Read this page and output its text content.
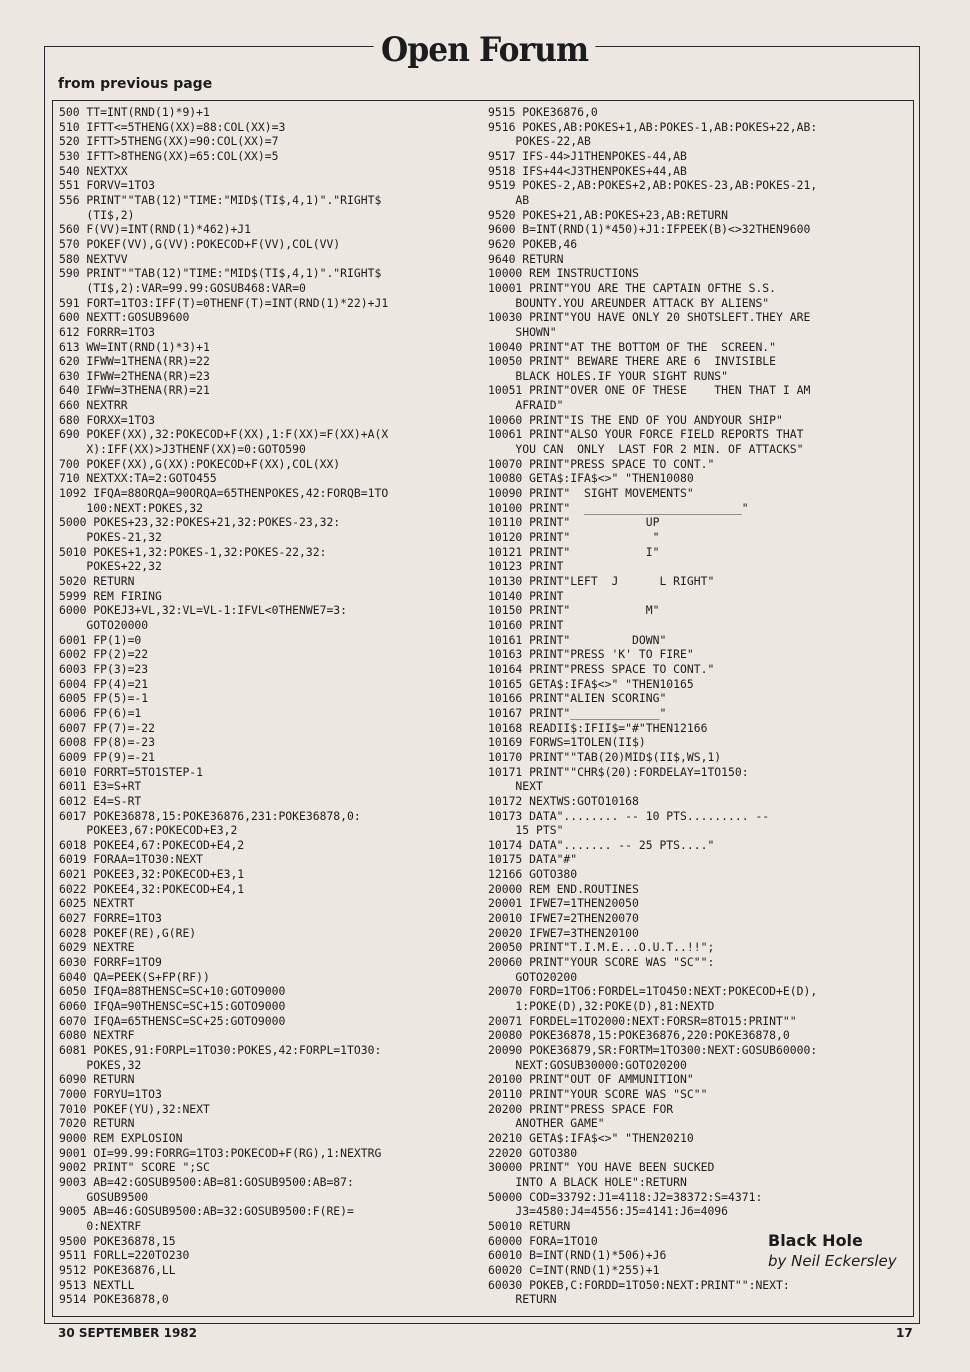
Open Forum
from previous page
500 TT=INT(RND(1)*9)+1
510 IFTT<=5THENG(XX)=88:COL(XX)=3
520 IFTT>5THENG(XX)=90:COL(XX)=7
530 IFTT>8THENG(XX)=65:COL(XX)=5
540 NEXTXX
551 FORVV=1TO3
556 PRINT""TAB(12)"TIME:"MID$(TI$,4,1)"."RIGHT$
(TI$,2)
560 F(VV)=INT(RND(1)*462)+J1
570 POKEF(VV),G(VV):POKECOD+F(VV),COL(VV)
580 NEXTVV
590 PRINT""TAB(12)"TIME:"MID$(TI$,4,1)"."RIGHT$
(TI$,2):VAR=99.99:GOSUB468:VAR=0
591 FORT=1TO3:IFF(T)=0THENF(T)=INT(RND(1)*22)+J1
600 NEXTT:GOSUB9600
612 FORRR=1TO3
613 WW=INT(RND(1)*3)+1
620 IFWW=1THENA(RR)=22
630 IFWW=2THENA(RR)=23
640 IFWW=3THENA(RR)=21
660 NEXTRR
680 FORXX=1TO3
690 POKEF(XX),32:POKECOD+F(XX),1:F(XX)=F(XX)+A(X
X):IFF(XX)>J3THENF(XX)=0:GOTO590
700 POKEF(XX),G(XX):POKECOD+F(XX),COL(XX)
710 NEXTXX:TA=2:GOTO455
1092 IFQA=88ORQA=90ORQA=65THENPOKES,42:FORQB=1TO
100:NEXT:POKES,32
5000 POKES+23,32:POKES+21,32:POKES-23,32:
POKES-21,32
5010 POKES+1,32:POKES-1,32:POKES-22,32:
POKES+22,32
5020 RETURN
5999 REM FIRING
6000 POKEJ3+VL,32:VL=VL-1:IFVL<0THENWE7=3:
GOTO20000
6001 FP(1)=0
6002 FP(2)=22
6003 FP(3)=23
6004 FP(4)=21
6005 FP(5)=-1
6006 FP(6)=1
6007 FP(7)=-22
6008 FP(8)=-23
6009 FP(9)=-21
6010 FORRT=5TO1STEP-1
6011 E3=S+RT
6012 E4=S-RT
6017 POKE36878,15:POKE36876,231:POKE36878,0:
POKEE3,67:POKECOD+E3,2
6018 POKEE4,67:POKECOD+E4,2
6019 FORAA=1TO30:NEXT
6021 POKEE3,32:POKECOD+E3,1
6022 POKEE4,32:POKECOD+E4,1
6025 NEXTRT
6027 FORRE=1TO3
6028 POKEF(RE),G(RE)
6029 NEXTRE
6030 FORRF=1TO9
6040 QA=PEEK(S+FP(RF))
6050 IFQA=88THENSC=SC+10:GOTO9000
6060 IFQA=90THENSC=SC+15:GOTO9000
6070 IFQA=65THENSC=SC+25:GOTO9000
6080 NEXTRF
6081 POKES,91:FORPL=1TO30:POKES,42:FORPL=1TO30:
POKES,32
6090 RETURN
7000 FORYU=1TO3
7010 POKEF(YU),32:NEXT
7020 RETURN
9000 REM EXPLOSION
9001 OI=99.99:FORRG=1TO3:POKECOD+F(RG),1:NEXTRG
9002 PRINT" SCORE ";SC
9003 AB=42:GOSUB9500:AB=81:GOSUB9500:AB=87:
GOSUB9500
9005 AB=46:GOSUB9500:AB=32:GOSUB9500:F(RE)=
0:NEXTRF
9500 POKE36878,15
9511 FORLL=220TO230
9512 POKE36876,LL
9513 NEXTLL
9514 POKE36878,0
9515 POKE36876,0
9516 POKES,AB:POKES+1,AB:POKES-1,AB:POKES+22,AB:
POKES-22,AB
9517 IFS-44>J1THENPOKES-44,AB
9518 IFS+44<J3THENPOKES+44,AB
9519 POKES-2,AB:POKES+2,AB:POKES-23,AB:POKES-21,
AB
9520 POKES+21,AB:POKES+23,AB:RETURN
9600 B=INT(RND(1)*450)+J1:IFPEEK(B)<>32THEN9600
9620 POKEB,46
9640 RETURN
10000 REM INSTRUCTIONS
10001 PRINT"YOU ARE THE CAPTAIN OFTHE S.S.
BOUNTY.YOU AREUNDER ATTACK BY ALIENS"
10030 PRINT"YOU HAVE ONLY 20 SHOTSLEFT.THEY ARE
SHOWN"
10040 PRINT"AT THE BOTTOM OF THE  SCREEN."
10050 PRINT" BEWARE THERE ARE 6  INVISIBLE
BLACK HOLES.IF YOUR SIGHT RUNS"
10051 PRINT"OVER ONE OF THESE    THEN THAT I AM
AFRAID"
10060 PRINT"IS THE END OF YOU ANDYOUR SHIP"
10061 PRINT"ALSO YOUR FORCE FIELD REPORTS THAT
YOU CAN  ONLY  LAST FOR 2 MIN. OF ATTACKS"
10070 PRINT"PRESS SPACE TO CONT."
10080 GETA$:IFA$<>" "THEN10080
10090 PRINT"  SIGHT MOVEMENTS"
10100 PRINT"  _______________________"
10110 PRINT"           UP
10120 PRINT"            "
10121 PRINT"           I"
10123 PRINT
10130 PRINT"LEFT  J      L RIGHT"
10140 PRINT
10150 PRINT"           M"
10160 PRINT
10161 PRINT"         DOWN"
10163 PRINT"PRESS 'K' TO FIRE"
10164 PRINT"PRESS SPACE TO CONT."
10165 GETA$:IFA$<>" "THEN10165
10166 PRINT"ALIEN SCORING"
10167 PRINT"_____________"
10168 READII$:IFII$="#"THEN12166
10169 FORWS=1TOLEN(II$)
10170 PRINT""TAB(20)MID$(II$,WS,1)
10171 PRINT""CHR$(20):FORDELAY=1TO150:
NEXT
10172 NEXTWS:GOTO10168
10173 DATA"........ -- 10 PTS......... --
15 PTS"
10174 DATA"....... -- 25 PTS...."
10175 DATA"#"
12166 GOTO380
20000 REM END.ROUTINES
20001 IFWE7=1THEN20050
20010 IFWE7=2THEN20070
20020 IFWE7=3THEN20100
20050 PRINT"T.I.M.E...O.U.T..!!";
20060 PRINT"YOUR SCORE WAS "SC"":
GOTO20200
20070 FORD=1TO6:FORDEL=1TO450:NEXT:POKECOD+E(D),
1:POKE(D),32:POKE(D),81:NEXTD
20071 FORDEL=1TO2000:NEXT:FORSR=8TO15:PRINT""
20080 POKE36878,15:POKE36876,220:POKE36878,0
20090 POKE36879,SR:FORTM=1TO300:NEXT:GOSUB60000:
NEXT:GOSUB30000:GOTO20200
20100 PRINT"OUT OF AMMUNITION"
20110 PRINT"YOUR SCORE WAS "SC""
20200 PRINT"PRESS SPACE FOR
ANOTHER GAME"
20210 GETA$:IFA$<>" "THEN20210
22020 GOTO380
30000 PRINT" YOU HAVE BEEN SUCKED
INTO A BLACK HOLE":RETURN
50000 COD=33792:J1=4118:J2=38372:S=4371:
J3=4580:J4=4556:J5=4141:J6=4096
50010 RETURN
60000 FORA=1TO10
60010 B=INT(RND(1)*506)+J6
60020 C=INT(RND(1)*255)+1
60030 POKEB,C:FORDD=1TO50:NEXT:PRINT"":NEXT:
RETURN
Black Hole
by Neil Eckersley
30 SEPTEMBER 1982	17
